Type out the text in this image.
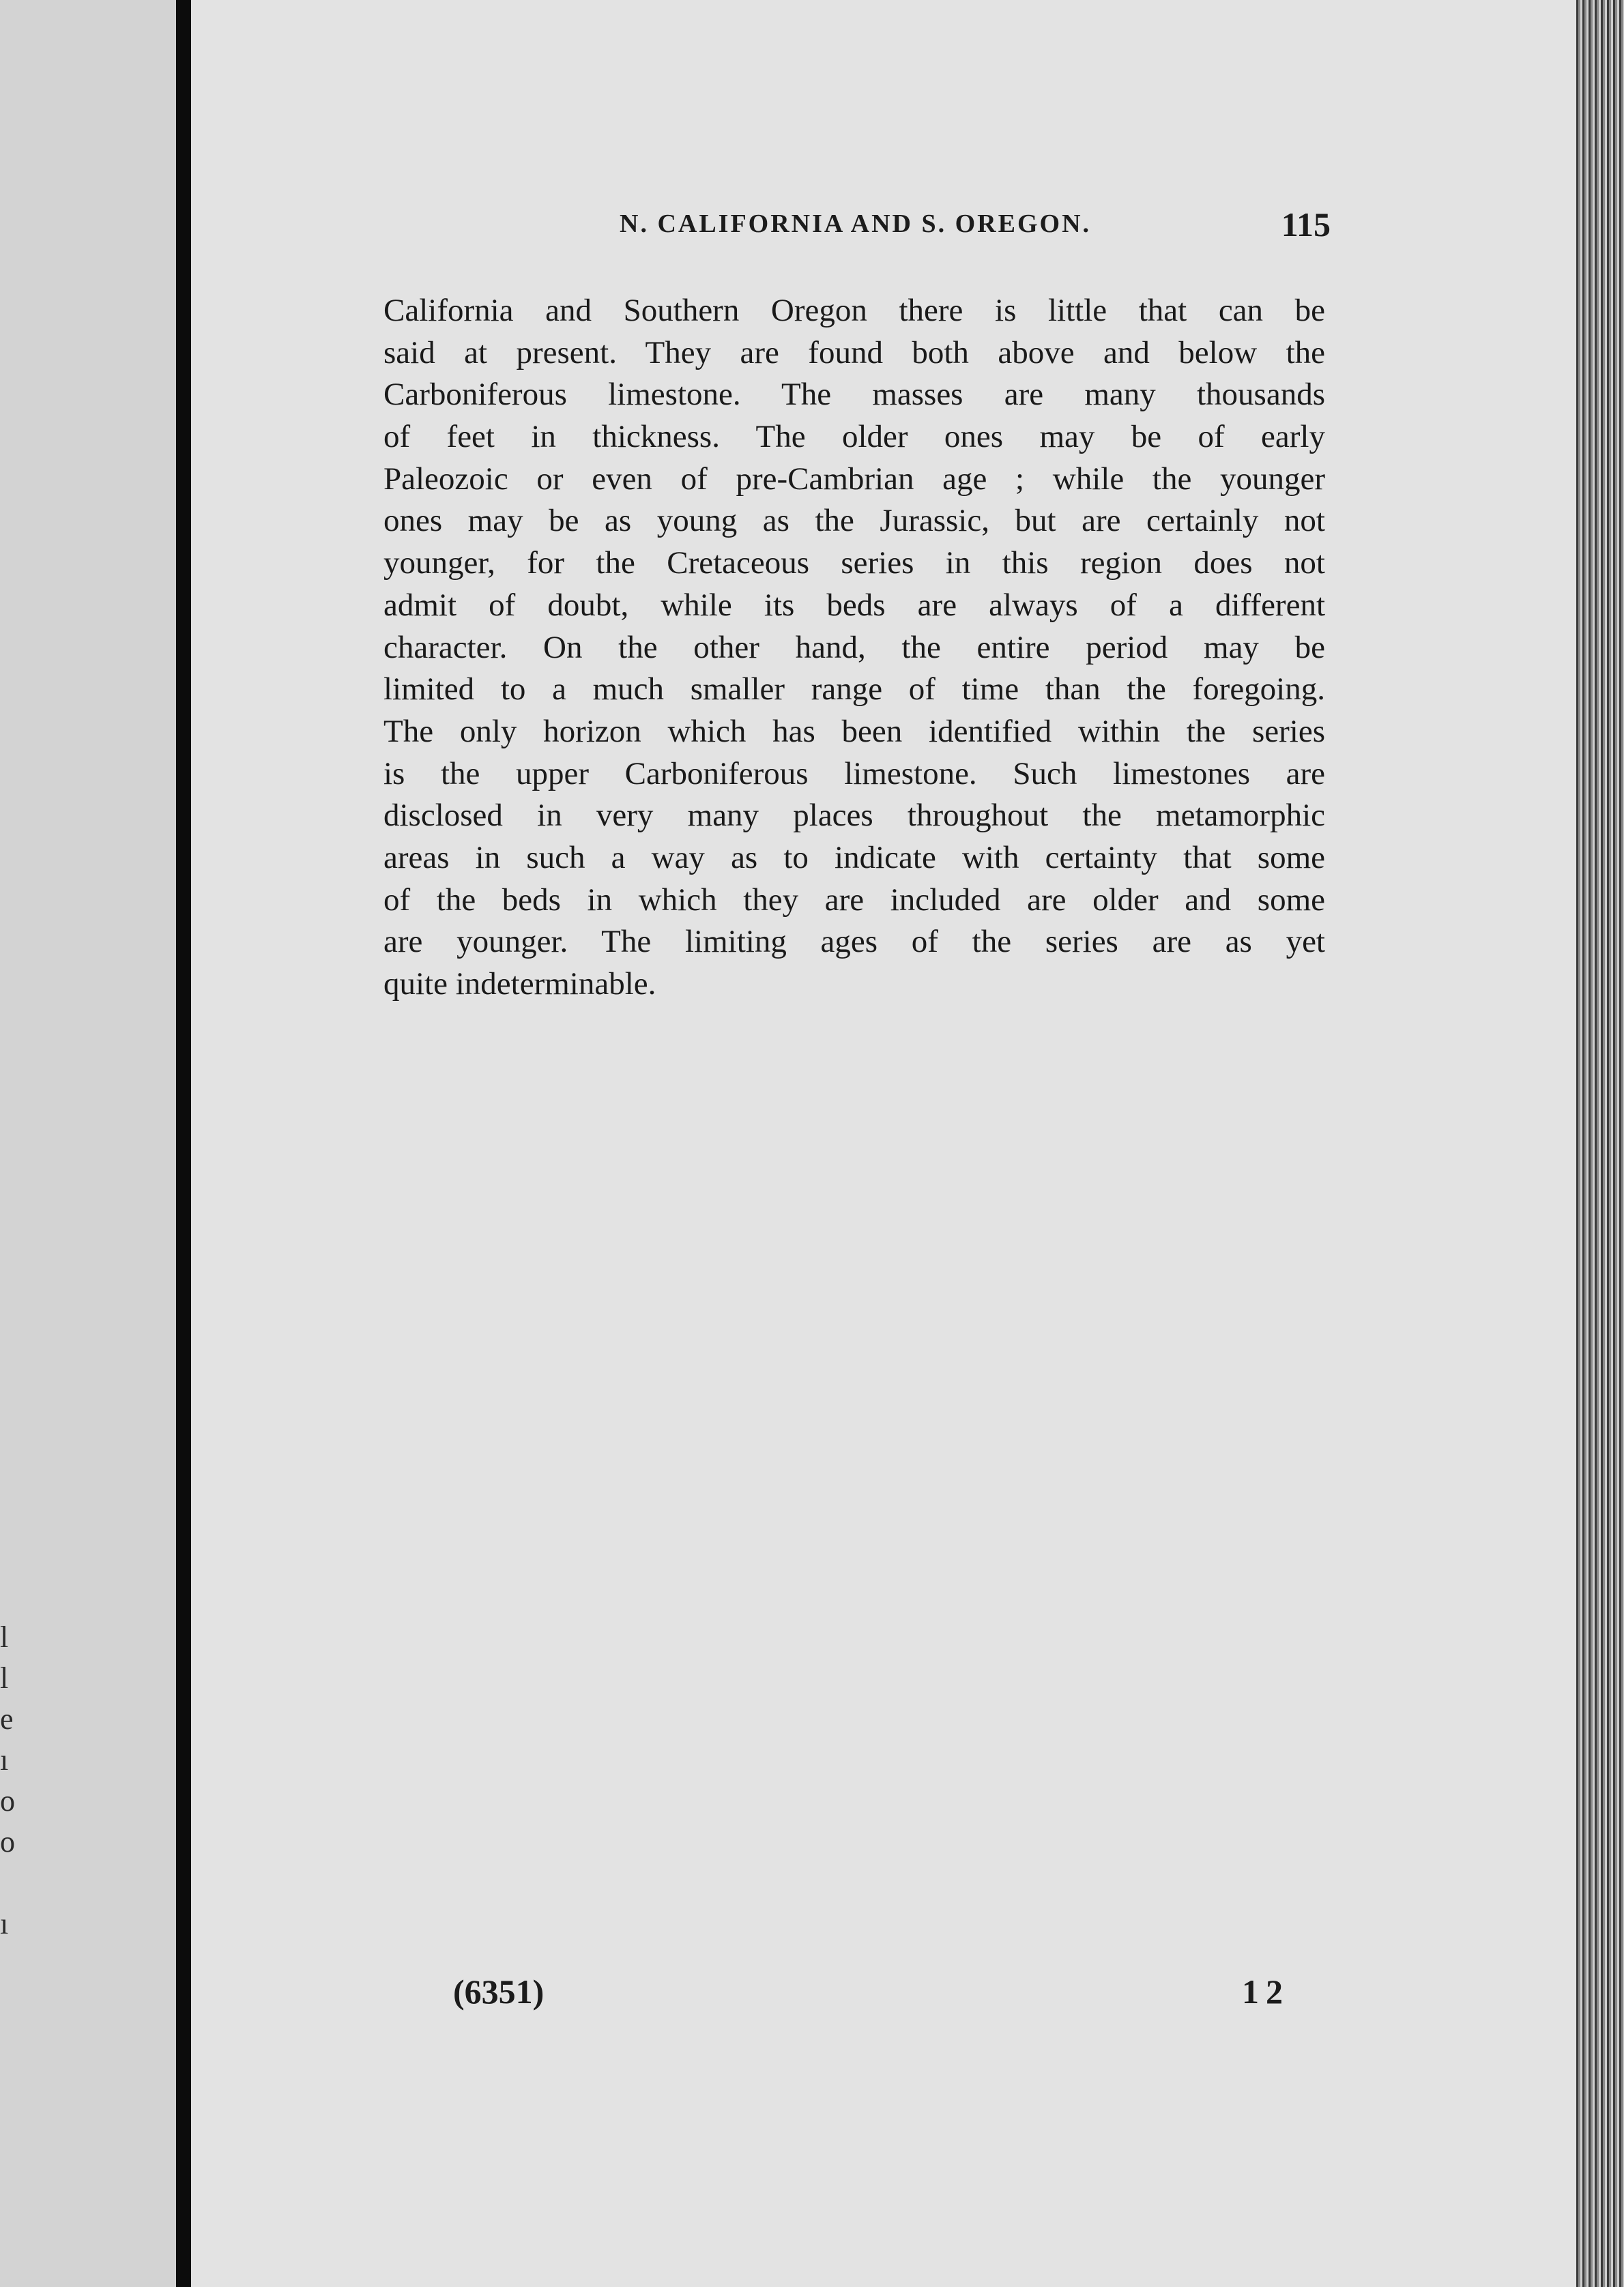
l
l
e
ı
o
o
ı
N. CALIFORNIA AND S. OREGON.	115
California and Southern Oregon there is little that can be
said at present. They are found both above and below the
Carboniferous limestone. The masses are many thousands
of feet in thickness. The older ones may be of early
Paleozoic or even of pre-Cambrian age ; while the younger
ones may be as young as the Jurassic, but are certainly not
younger, for the Cretaceous series in this region does not
admit of doubt, while its beds are always of a different
character. On the other hand, the entire period may be
limited to a much smaller range of time than the foregoing.
The only horizon which has been identified within the series
is the upper Carboniferous limestone. Such limestones are
disclosed in very many places throughout the metamorphic
areas in such a way as to indicate with certainty that some
of the beds in which they are included are older and some
are younger. The limiting ages of the series are as yet
quite indeterminable.
(6351)	12
